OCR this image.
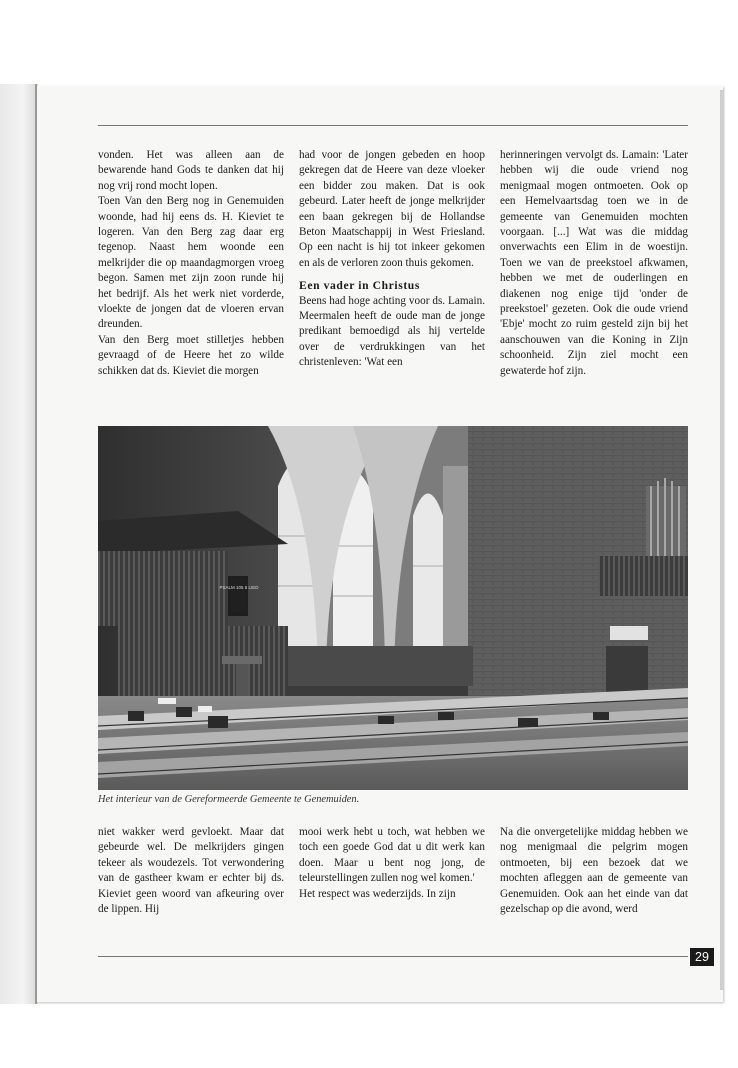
vonden. Het was alleen aan de bewarende hand Gods te danken dat hij nog vrij rond mocht lopen.

Toen Van den Berg nog in Genemuiden woonde, had hij eens ds. H. Kieviet te logeren. Van den Berg zag daar erg tegenop. Naast hem woonde een melkrijder die op maandagmorgen vroeg begon. Samen met zijn zoon runde hij het bedrijf. Als het werk niet vorderde, vloekte de jongen dat de vloeren ervan dreunden.

Van den Berg moet stilletjes hebben gevraagd of de Heere het zo wilde schikken dat ds. Kieviet die morgen

had voor de jongen gebeden en hoop gekregen dat de Heere van deze vloeker een bidder zou maken. Dat is ook gebeurd. Later heeft de jonge melkrijder een baan gekregen bij de Hollandse Beton Maatschappij in West Friesland. Op een nacht is hij tot inkeer gekomen en als de verloren zoon thuis gekomen.

Een vader in Christus

Beens had hoge achting voor ds. Lamain. Meermalen heeft de oude man de jonge predikant bemoedigd als hij vertelde over de verdrukkingen van het christenleven: 'Wat een

herinneringen vervolgt ds. Lamain: 'Later hebben wij die oude vriend nog menigmaal mogen ontmoeten. Ook op een Hemelvaartsdag toen we in de gemeente van Genemuiden mochten voorgaan. [...] Wat was die middag onverwachts een Elim in de woestijn. Toen we van de preekstoel afkwamen, hebben we met de ouderlingen en diakenen nog enige tijd 'onder de preekstoel' gezeten. Ook die oude vriend 'Ebje' mocht zo ruim gesteld zijn bij het aanschouwen van die Koning in Zijn schoonheid. Zijn ziel mocht een gewaterde hof zijn.

PSALM 105 8 LIED
Het interieur van de Gereformeerde Gemeente te Genemuiden.

niet wakker werd gevloekt. Maar dat gebeurde wel. De melkrijders gingen tekeer als woudezels. Tot verwondering van de gastheer kwam er echter bij ds. Kieviet geen woord van afkeuring over de lippen. Hij

mooi werk hebt u toch, wat hebben we toch een goede God dat u dit werk kan doen. Maar u bent nog jong, de teleurstellingen zullen nog wel komen.'

Het respect was wederzijds. In zijn

Na die onvergetelijke middag hebben we nog menigmaal die pelgrim mogen ontmoeten, bij een bezoek dat we mochten afleggen aan de gemeente van Genemuiden. Ook aan het einde van dat gezelschap op die avond, werd

29
